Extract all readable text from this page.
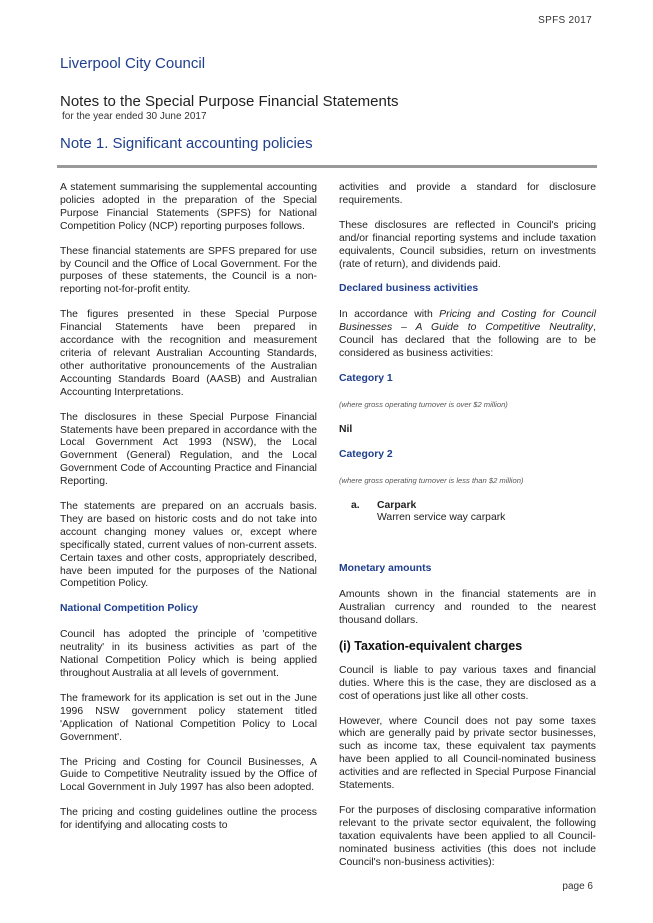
SPFS 2017
Liverpool City Council
Notes to the Special Purpose Financial Statements
for the year ended 30 June 2017
Note 1. Significant accounting policies

A statement summarising the supplemental accounting policies adopted in the preparation of the Special Purpose Financial Statements (SPFS) for National Competition Policy (NCP) reporting purposes follows.

These financial statements are SPFS prepared for use by Council and the Office of Local Government. For the purposes of these statements, the Council is a non-reporting not-for-profit entity.

The figures presented in these Special Purpose Financial Statements have been prepared in accordance with the recognition and measurement criteria of relevant Australian Accounting Standards, other authoritative pronouncements of the Australian Accounting Standards Board (AASB) and Australian Accounting Interpretations.

The disclosures in these Special Purpose Financial Statements have been prepared in accordance with the Local Government Act 1993 (NSW), the Local Government (General) Regulation, and the Local Government Code of Accounting Practice and Financial Reporting.

The statements are prepared on an accruals basis. They are based on historic costs and do not take into account changing money values or, except where specifically stated, current values of non-current assets. Certain taxes and other costs, appropriately described, have been imputed for the purposes of the National Competition Policy.

National Competition Policy

Council has adopted the principle of 'competitive neutrality' in its business activities as part of the National Competition Policy which is being applied throughout Australia at all levels of government.

The framework for its application is set out in the June 1996 NSW government policy statement titled 'Application of National Competition Policy to Local Government'.

The Pricing and Costing for Council Businesses, A Guide to Competitive Neutrality issued by the Office of Local Government in July 1997 has also been adopted.

The pricing and costing guidelines outline the process for identifying and allocating costs to

activities and provide a standard for disclosure requirements.

These disclosures are reflected in Council's pricing and/or financial reporting systems and include taxation equivalents, Council subsidies, return on investments (rate of return), and dividends paid.

Declared business activities

In accordance with Pricing and Costing for Council Businesses – A Guide to Competitive Neutrality, Council has declared that the following are to be considered as business activities:

Category 1

(where gross operating turnover is over $2 million)

Nil

Category 2

(where gross operating turnover is less than $2 million)

a.	Carpark
Warren service way carpark
Monetary amounts

Amounts shown in the financial statements are in Australian currency and rounded to the nearest thousand dollars.

(i) Taxation-equivalent charges

Council is liable to pay various taxes and financial duties. Where this is the case, they are disclosed as a cost of operations just like all other costs.

However, where Council does not pay some taxes which are generally paid by private sector businesses, such as income tax, these equivalent tax payments have been applied to all Council-nominated business activities and are reflected in Special Purpose Financial Statements.

For the purposes of disclosing comparative information relevant to the private sector equivalent, the following taxation equivalents have been applied to all Council-nominated business activities (this does not include Council's non-business activities):

page 6
